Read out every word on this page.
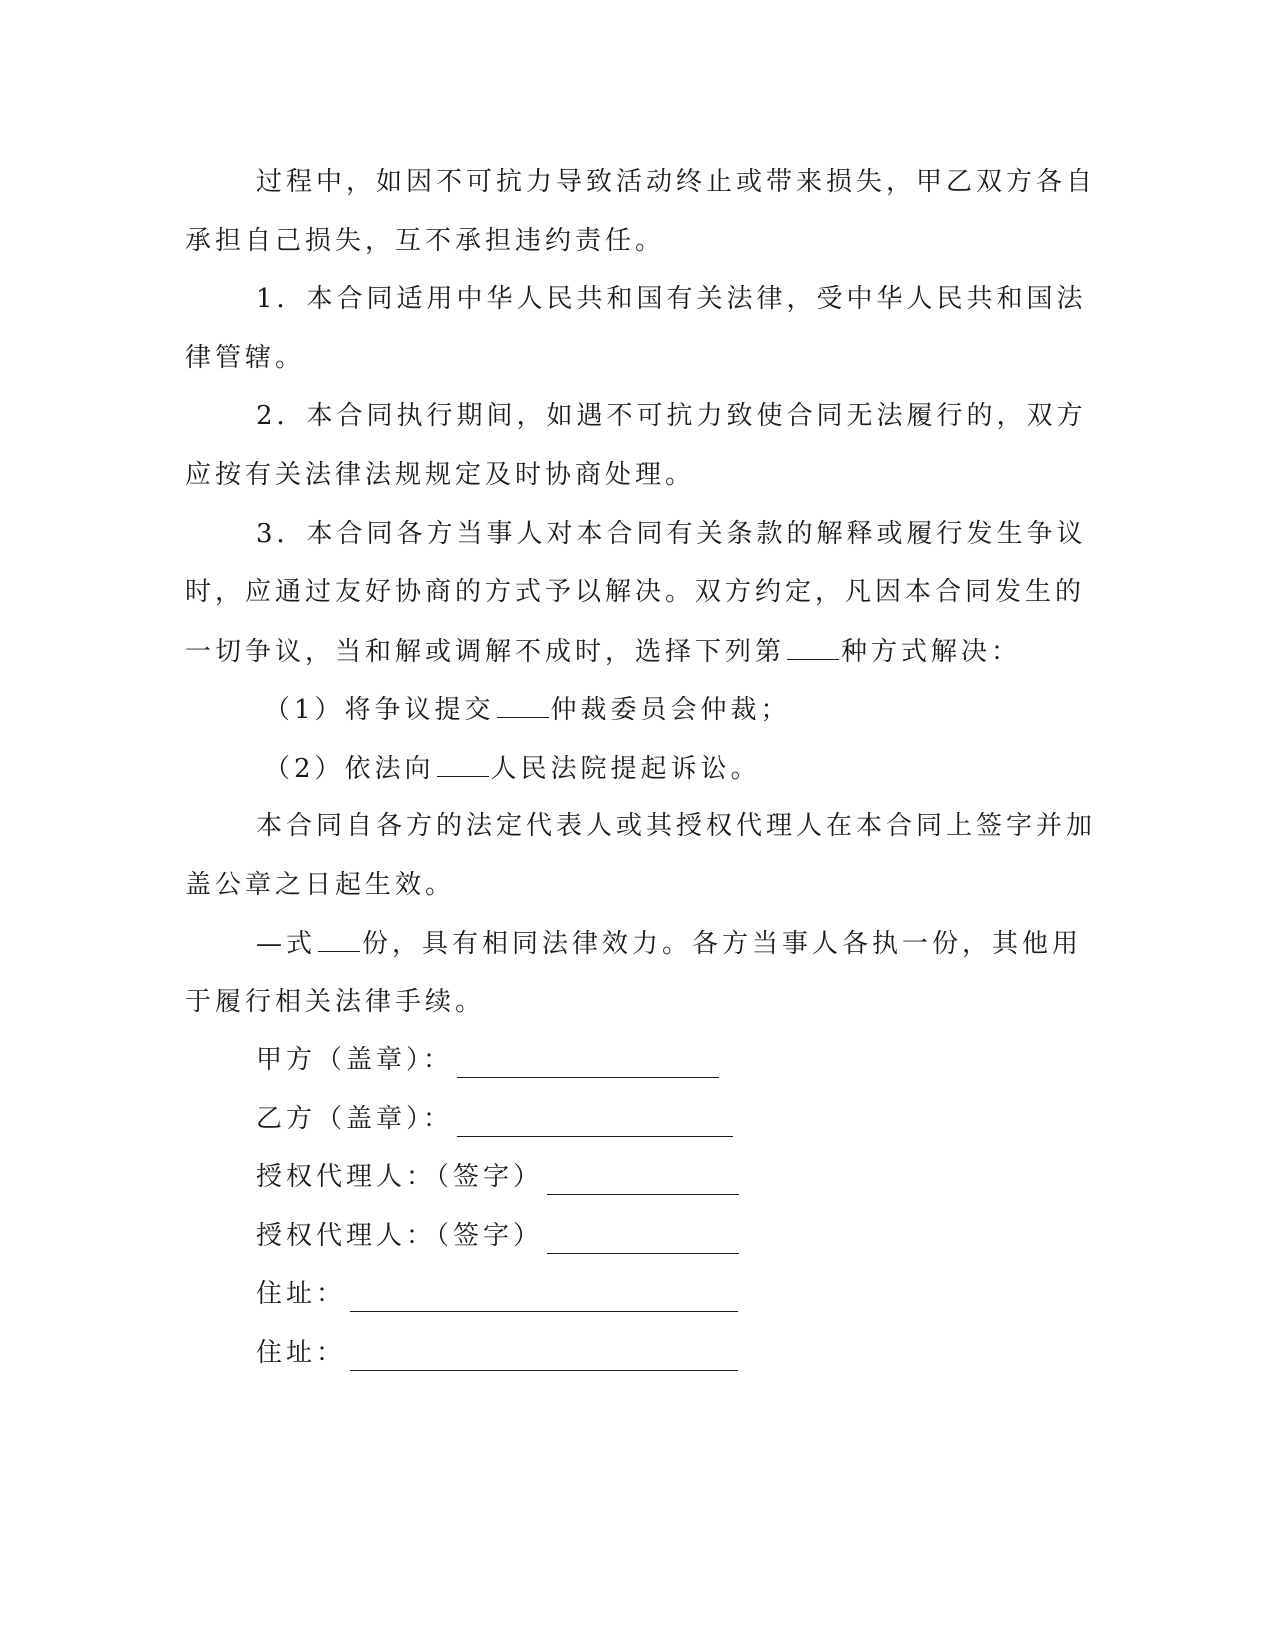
过程中，如因不可抗力导致活动终止或带来损失，甲乙双方各自
承担自己损失，互不承担违约责任。
1．本合同适用中华人民共和国有关法律，受中华人民共和国法
律管辖。
2．本合同执行期间，如遇不可抗力致使合同无法履行的，双方
应按有关法律法规规定及时协商处理。
3．本合同各方当事人对本合同有关条款的解释或履行发生争议
时，应通过友好协商的方式予以解决。双方约定，凡因本合同发生的
一切争议，当和解或调解不成时，选择下列第 种方式解决：
（1）将争议提交 仲裁委员会仲裁；
（2）依法向 人民法院提起诉讼。
本合同自各方的法定代表人或其授权代理人在本合同上签字并加
盖公章之日起生效。
—式 份，具有相同法律效力。各方当事人各执一份，其他用
于履行相关法律手续。
甲方（盖章）：
乙方（盖章）：
授权代理人：（签字）
授权代理人：（签字）
住址：
住址：
